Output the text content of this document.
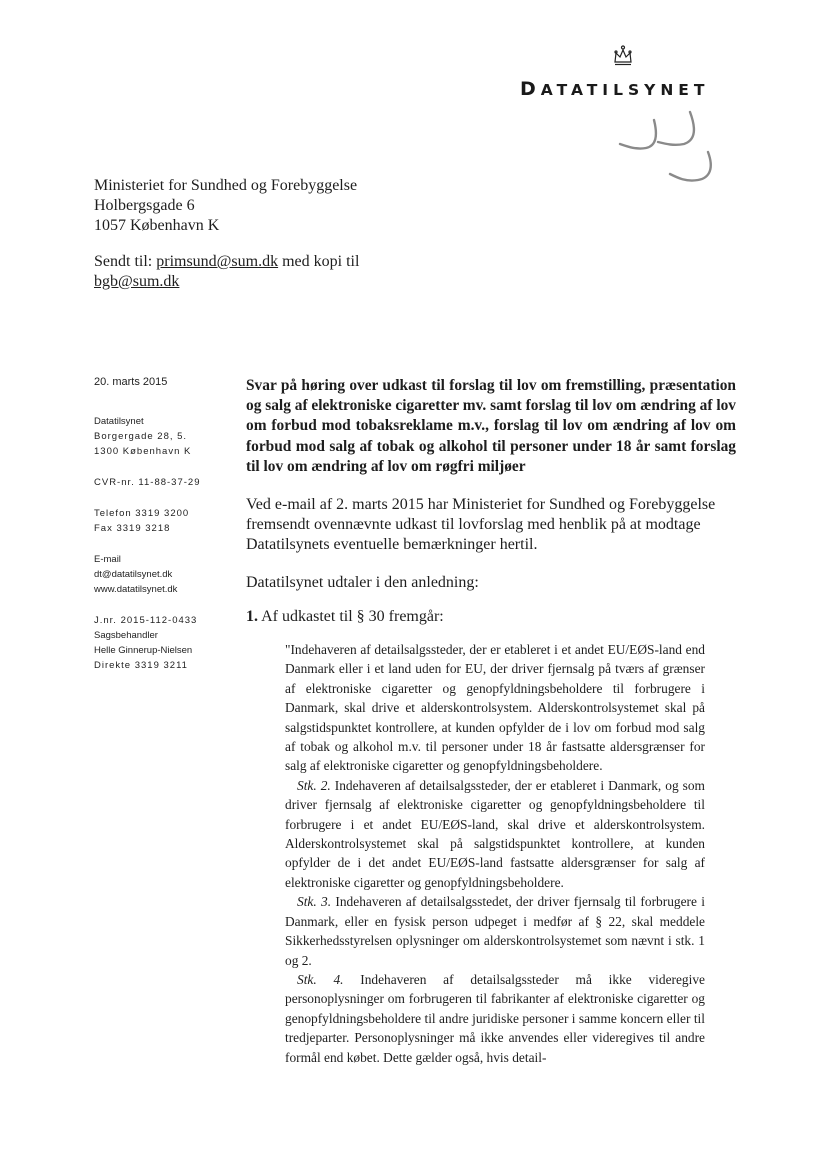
DATATILSYNET
Ministeriet for Sundhed og Forebyggelse
Holbergsgade 6
1057 København K
Sendt til: primsund@sum.dk med kopi til
bgb@sum.dk
20. marts 2015
Datatilsynet
Borgergade 28, 5.
1300 København K
CVR-nr. 11-88-37-29
Telefon 3319 3200
Fax 3319 3218
E-mail
dt@datatilsynet.dk
www.datatilsynet.dk
J.nr. 2015-112-0433
Sagsbehandler
Helle Ginnerup-Nielsen
Direkte 3319 3211

Svar på høring over udkast til forslag til lov om fremstilling, præsentation og salg af elektroniske cigaretter mv. samt forslag til lov om ændring af lov om forbud mod tobaksreklame m.v., forslag til lov om ændring af lov om forbud mod salg af tobak og alkohol til personer under 18 år samt forslag til lov om ændring af lov om røgfri miljøer

Ved e-mail af 2. marts 2015 har Ministeriet for Sundhed og Forebyggelse fremsendt ovennævnte udkast til lovforslag med henblik på at modtage Datatilsynets eventuelle bemærkninger hertil.

Datatilsynet udtaler i den anledning:

1. Af udkastet til § 30 fremgår:

"Indehaveren af detailsalgssteder, der er etableret i et andet EU/EØS-land end Danmark eller i et land uden for EU, der driver fjernsalg på tværs af grænser af elektroniske cigaretter og genopfyldningsbeholdere til forbrugere i Danmark, skal drive et alderskontrolsystem. Alderskontrolsystemet skal på salgstidspunktet kontrollere, at kunden opfylder de i lov om forbud mod salg af tobak og alkohol m.v. til personer under 18 år fastsatte aldersgrænser for salg af elektroniske cigaretter og genopfyldningsbeholdere.

Stk. 2. Indehaveren af detailsalgssteder, der er etableret i Danmark, og som driver fjernsalg af elektroniske cigaretter og genopfyldningsbeholdere til forbrugere i et andet EU/EØS-land, skal drive et alderskontrolsystem. Alderskontrolsystemet skal på salgstidspunktet kontrollere, at kunden opfylder de i det andet EU/EØS-land fastsatte aldersgrænser for salg af elektroniske cigaretter og genopfyldningsbeholdere.

Stk. 3. Indehaveren af detailsalgsstedet, der driver fjernsalg til forbrugere i Danmark, eller en fysisk person udpeget i medfør af § 22, skal meddele Sikkerhedsstyrelsen oplysninger om alderskontrolsystemet som nævnt i stk. 1 og 2.

Stk. 4. Indehaveren af detailsalgssteder må ikke videregive personoplysninger om forbrugeren til fabrikanter af elektroniske cigaretter og genopfyldningsbeholdere til andre juridiske personer i samme koncern eller til tredjeparter. Personoplysninger må ikke anvendes eller videregives til andre formål end købet. Dette gælder også, hvis detail-
